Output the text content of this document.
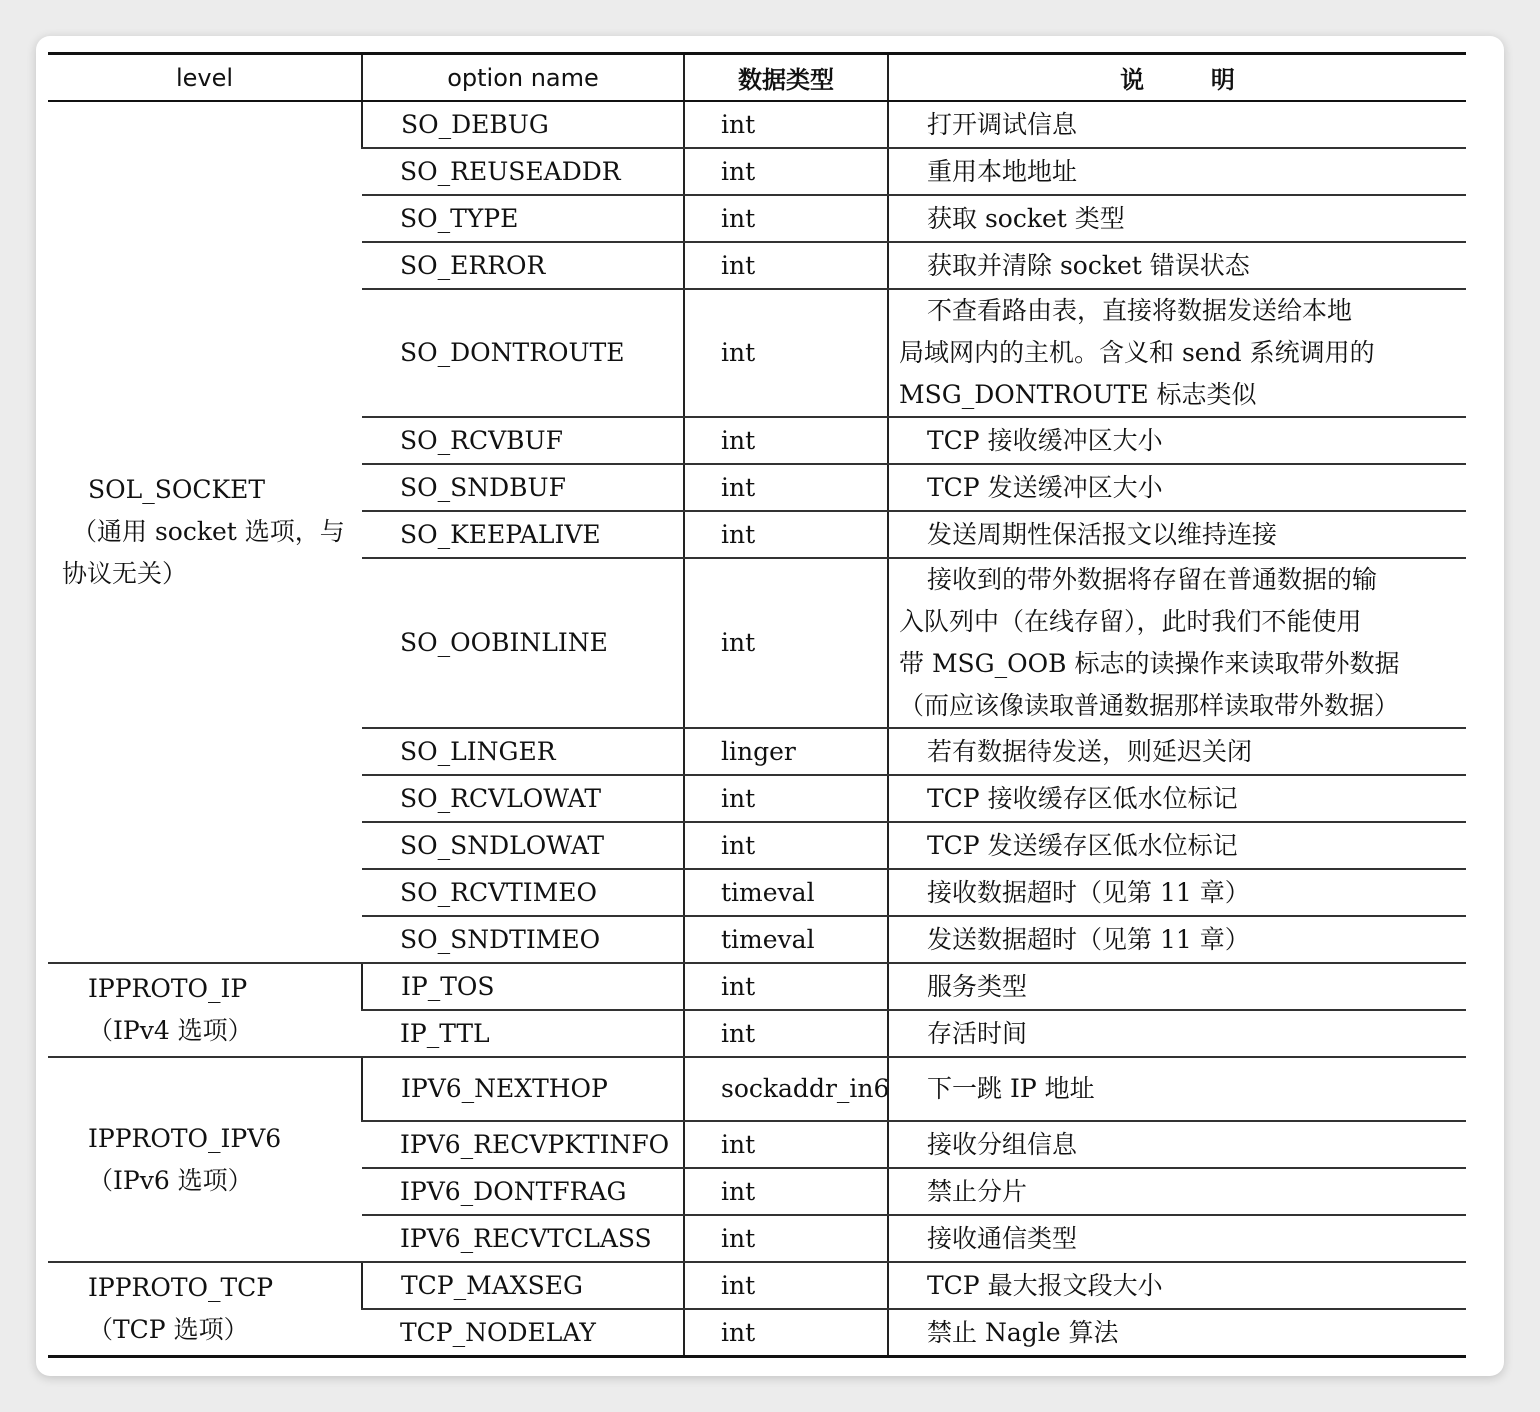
level	option name	数据类型	说        明

SOL_SOCKET
（通用 socket 选项，与
协议无关）	SO_DEBUG	int	打开调试信息
	SO_REUSEADDR	int	重用本地地址
	SO_TYPE	int	获取 socket 类型
	SO_ERROR	int	获取并清除 socket 错误状态
	SO_DONTROUTE	int	不查看路由表，直接将数据发送给本地
局域网内的主机。含义和 send 系统调用的
MSG_DONTROUTE 标志类似

	SO_RCVBUF	int	TCP 接收缓冲区大小
	SO_SNDBUF	int	TCP 发送缓冲区大小
	SO_KEEPALIVE	int	发送周期性保活报文以维持连接
	SO_OOBINLINE	int	接收到的带外数据将存留在普通数据的输
入队列中（在线存留），此时我们不能使用
带 MSG_OOB 标志的读操作来读取带外数据
（而应该像读取普通数据那样读取带外数据）

	SO_LINGER	linger	若有数据待发送，则延迟关闭
	SO_RCVLOWAT	int	TCP 接收缓存区低水位标记
	SO_SNDLOWAT	int	TCP 发送缓存区低水位标记
	SO_RCVTIMEO	timeval	接收数据超时（见第 11 章）
	SO_SNDTIMEO	timeval	发送数据超时（见第 11 章）

IPPROTO_IP
（IPv4 选项）	IP_TOS	int	服务类型
	IP_TTL	int	存活时间

IPPROTO_IPV6
（IPv6 选项）	IPV6_NEXTHOP	sockaddr_in6	下一跳 IP 地址
	IPV6_RECVPKTINFO	int	接收分组信息
	IPV6_DONTFRAG	int	禁止分片
	IPV6_RECVTCLASS	int	接收通信类型

IPPROTO_TCP
（TCP 选项）	TCP_MAXSEG	int	TCP 最大报文段大小
	TCP_NODELAY	int	禁止 Nagle 算法
